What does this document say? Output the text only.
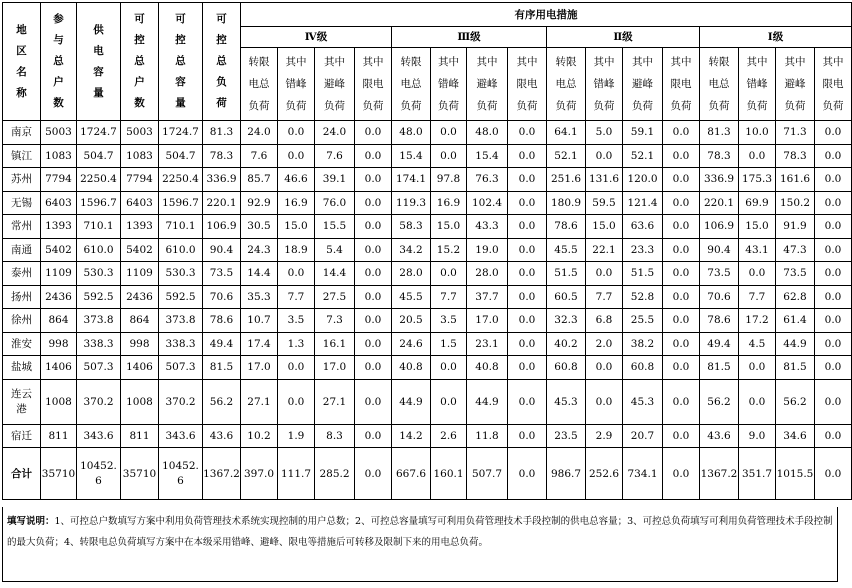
地
区
名
称	参
与
总
户
数	供
电
容
量	可
控
总
户
数	可
控
总
容
量	可
控
总
负
荷	有序用电措施															
						Ⅳ级				Ⅲ级				Ⅱ级				Ⅰ级			

						转限
电总
负荷	其中
错峰
负荷	其中
避峰
负荷	其中
限电
负荷	转限
电总
负荷	其中
错峰
负荷	其中
避峰
负荷	其中
限电
负荷	转限
电总
负荷	其中
错峰
负荷	其中
避峰
负荷	其中
限电
负荷	转限
电总
负荷	其中
错峰
负荷	其中
避峰
负荷	其中
限电
负荷

南京	5003	1724.7	5003	1724.7	81.3	24.0	0.0	24.0	0.0	48.0	0.0	48.0	0.0	64.1	5.0	59.1	0.0	81.3	10.0	71.3	0.0
镇江	1083	504.7	1083	504.7	78.3	7.6	0.0	7.6	0.0	15.4	0.0	15.4	0.0	52.1	0.0	52.1	0.0	78.3	0.0	78.3	0.0
苏州	7794	2250.4	7794	2250.4	336.9	85.7	46.6	39.1	0.0	174.1	97.8	76.3	0.0	251.6	131.6	120.0	0.0	336.9	175.3	161.6	0.0
无锡	6403	1596.7	6403	1596.7	220.1	92.9	16.9	76.0	0.0	119.3	16.9	102.4	0.0	180.9	59.5	121.4	0.0	220.1	69.9	150.2	0.0
常州	1393	710.1	1393	710.1	106.9	30.5	15.0	15.5	0.0	58.3	15.0	43.3	0.0	78.6	15.0	63.6	0.0	106.9	15.0	91.9	0.0
南通	5402	610.0	5402	610.0	90.4	24.3	18.9	5.4	0.0	34.2	15.2	19.0	0.0	45.5	22.1	23.3	0.0	90.4	43.1	47.3	0.0
泰州	1109	530.3	1109	530.3	73.5	14.4	0.0	14.4	0.0	28.0	0.0	28.0	0.0	51.5	0.0	51.5	0.0	73.5	0.0	73.5	0.0
扬州	2436	592.5	2436	592.5	70.6	35.3	7.7	27.5	0.0	45.5	7.7	37.7	0.0	60.5	7.7	52.8	0.0	70.6	7.7	62.8	0.0
徐州	864	373.8	864	373.8	78.6	10.7	3.5	7.3	0.0	20.5	3.5	17.0	0.0	32.3	6.8	25.5	0.0	78.6	17.2	61.4	0.0
淮安	998	338.3	998	338.3	49.4	17.4	1.3	16.1	0.0	24.6	1.5	23.1	0.0	40.2	2.0	38.2	0.0	49.4	4.5	44.9	0.0
盐城	1406	507.3	1406	507.3	81.5	17.0	0.0	17.0	0.0	40.8	0.0	40.8	0.0	60.8	0.0	60.8	0.0	81.5	0.0	81.5	0.0

连云
港	1008	370.2	1008	370.2	56.2	27.1	0.0	27.1	0.0	44.9	0.0	44.9	0.0	45.3	0.0	45.3	0.0	56.2	0.0	56.2	0.0
宿迁	811	343.6	811	343.6	43.6	10.2	1.9	8.3	0.0	14.2	2.6	11.8	0.0	23.5	2.9	20.7	0.0	43.6	9.0	34.6	0.0
合计	35710	10452.
6	35710	10452.
6	1367.2	397.0	111.7	285.2	0.0	667.6	160.1	507.7	0.0	986.7	252.6	734.1	0.0	1367.2	351.7	1015.5	0.0
填写说明：1、可控总户数填写方案中利用负荷管理技术系统实现控制的用户总数；2、可控总容量填写可利用负荷管理技术手段控制的供电总容量；3、可控总负荷填写可利用负荷管理技术手段控制的最大负荷；4、转限电总负荷填写方案中在本级采用错峰、避峰、限电等措施后可转移及限制下来的用电总负荷。
